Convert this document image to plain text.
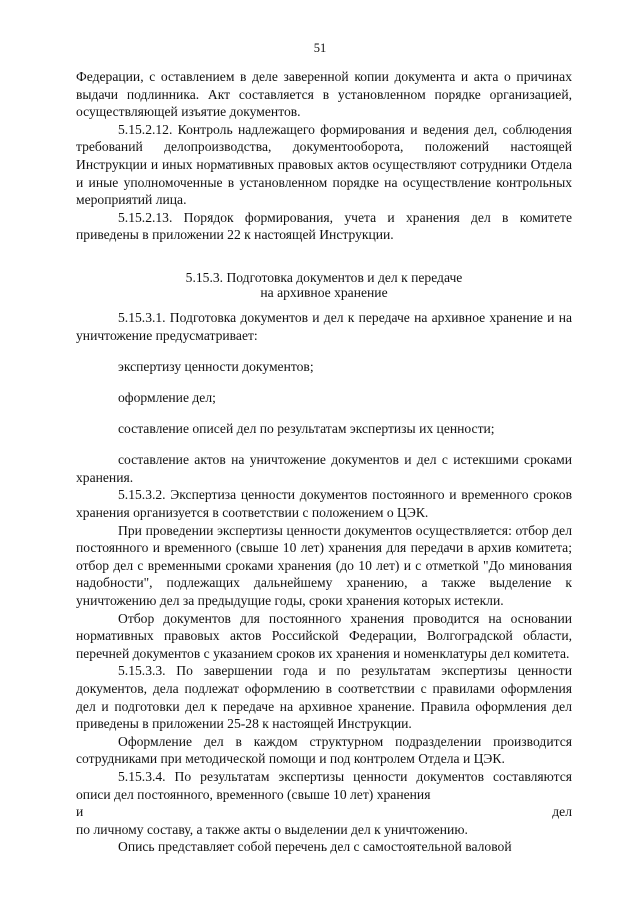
51

Федерации, с оставлением в деле заверенной копии документа и акта о причинах выдачи подлинника. Акт составляется в установленном порядке организацией, осуществляющей изъятие документов.

5.15.2.12. Контроль надлежащего формирования и ведения дел, соблюдения требований делопроизводства, документооборота, положений настоящей Инструкции и иных нормативных правовых актов осуществляют сотрудники Отдела и иные уполномоченные в установленном порядке на осуществление контрольных мероприятий лица.

5.15.2.13. Порядок формирования, учета и хранения дел в комитете приведены в приложении 22 к настоящей Инструкции.

5.15.3. Подготовка документов и дел к передаче
на архивное хранение

5.15.3.1. Подготовка документов и дел к передаче на архивное хранение и на уничтожение предусматривает:

экспертизу ценности документов;

оформление дел;

составление описей дел по результатам экспертизы их ценности;

составление актов на уничтожение документов и дел с истекшими сроками хранения.

5.15.3.2. Экспертиза ценности документов постоянного и временного сроков хранения организуется в соответствии с положением о ЦЭК.

При проведении экспертизы ценности документов осуществляется: отбор дел постоянного и временного (свыше 10 лет) хранения для передачи в архив комитета; отбор дел с временными сроками хранения (до 10 лет) и с отметкой "До минования надобности", подлежащих дальнейшему хранению, а также выделение к уничтожению дел за предыдущие годы, сроки хранения которых истекли.

Отбор документов для постоянного хранения проводится на основании нормативных правовых актов Российской Федерации, Волгоградской области, перечней документов с указанием сроков их хранения и номенклатуры дел комитета.

5.15.3.3. По завершении года и по результатам экспертизы ценности документов, дела подлежат оформлению в соответствии с правилами оформления дел и подготовки дел к передаче на архивное хранение. Правила оформления дел приведены в приложении 25-28 к настоящей Инструкции.

Оформление дел в каждом структурном подразделении производится сотрудниками при методической помощи и под контролем Отдела и ЦЭК.

5.15.3.4. По результатам экспертизы ценности документов составляются описи дел постоянного, временного (свыше 10 лет) хранения

и	дел

по личному составу, а также акты о выделении дел к уничтожению.

Опись представляет собой перечень дел с самостоятельной валовой
